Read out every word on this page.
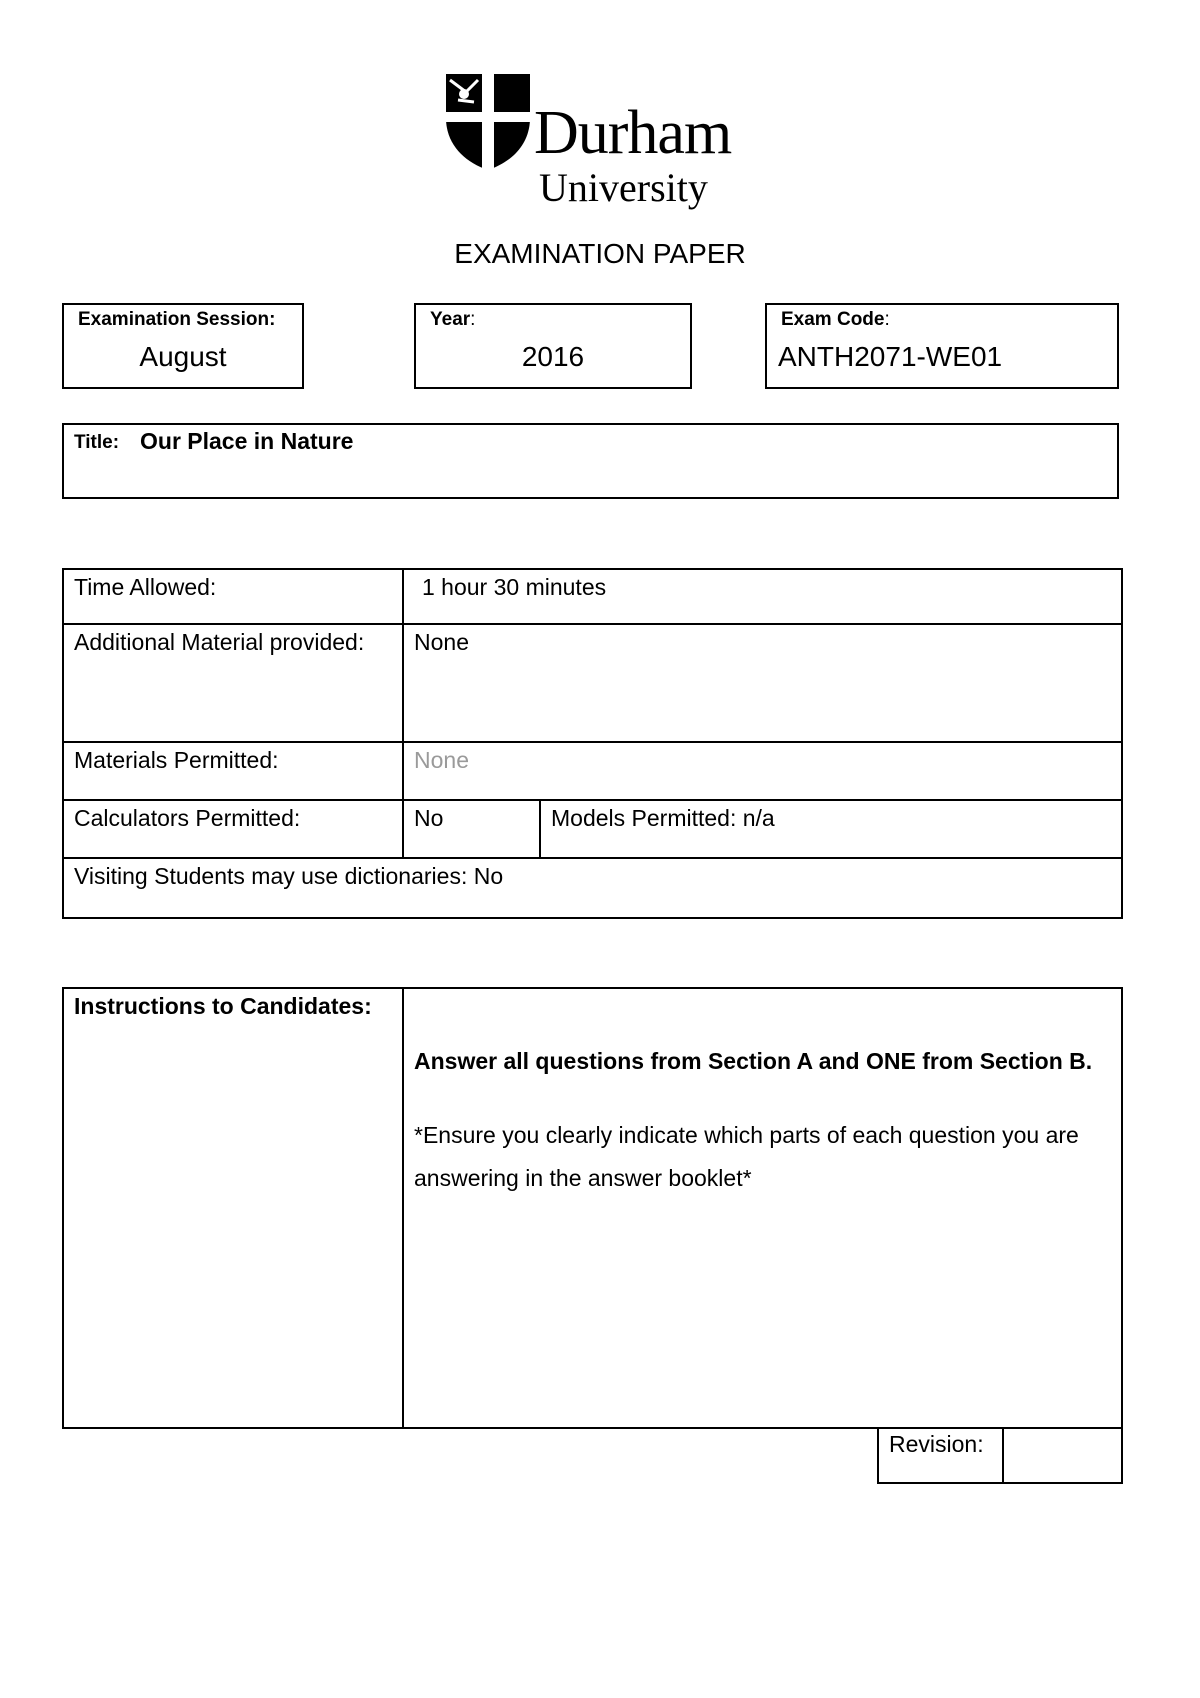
Durham
University
EXAMINATION PAPER
Examination Session:
August
Year:
2016
Exam Code:
ANTH2071-WE01
Title: Our Place in Nature
Time Allowed:	1 hour 30 minutes	

Additional Material provided:	None	

Materials Permitted:	None	

Calculators Permitted:	No	Models Permitted: n/a

Visiting Students may use dictionaries: No		
Instructions to Candidates:

Answer all questions from Section A and ONE from Section B.
*Ensure you clearly indicate which parts of each question you are answering in the answer booklet*
Revision:
